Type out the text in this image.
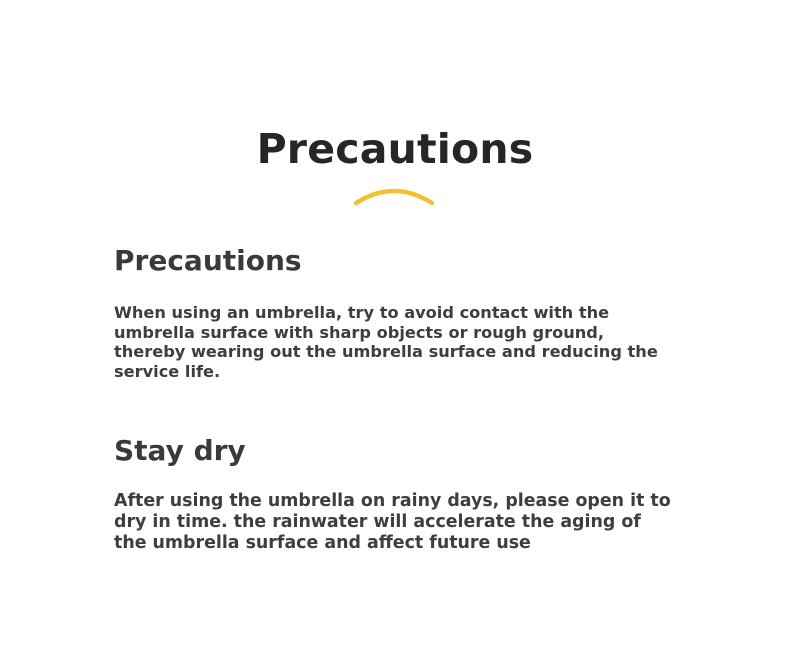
Precautions
Precautions

When using an umbrella, try to avoid contact with the umbrella surface with sharp objects or rough ground, thereby wearing out the umbrella surface and reducing the service life.

Stay dry

After using the umbrella on rainy days, please open it to dry in time. the rainwater will accelerate the aging of the umbrella surface and affect future use
